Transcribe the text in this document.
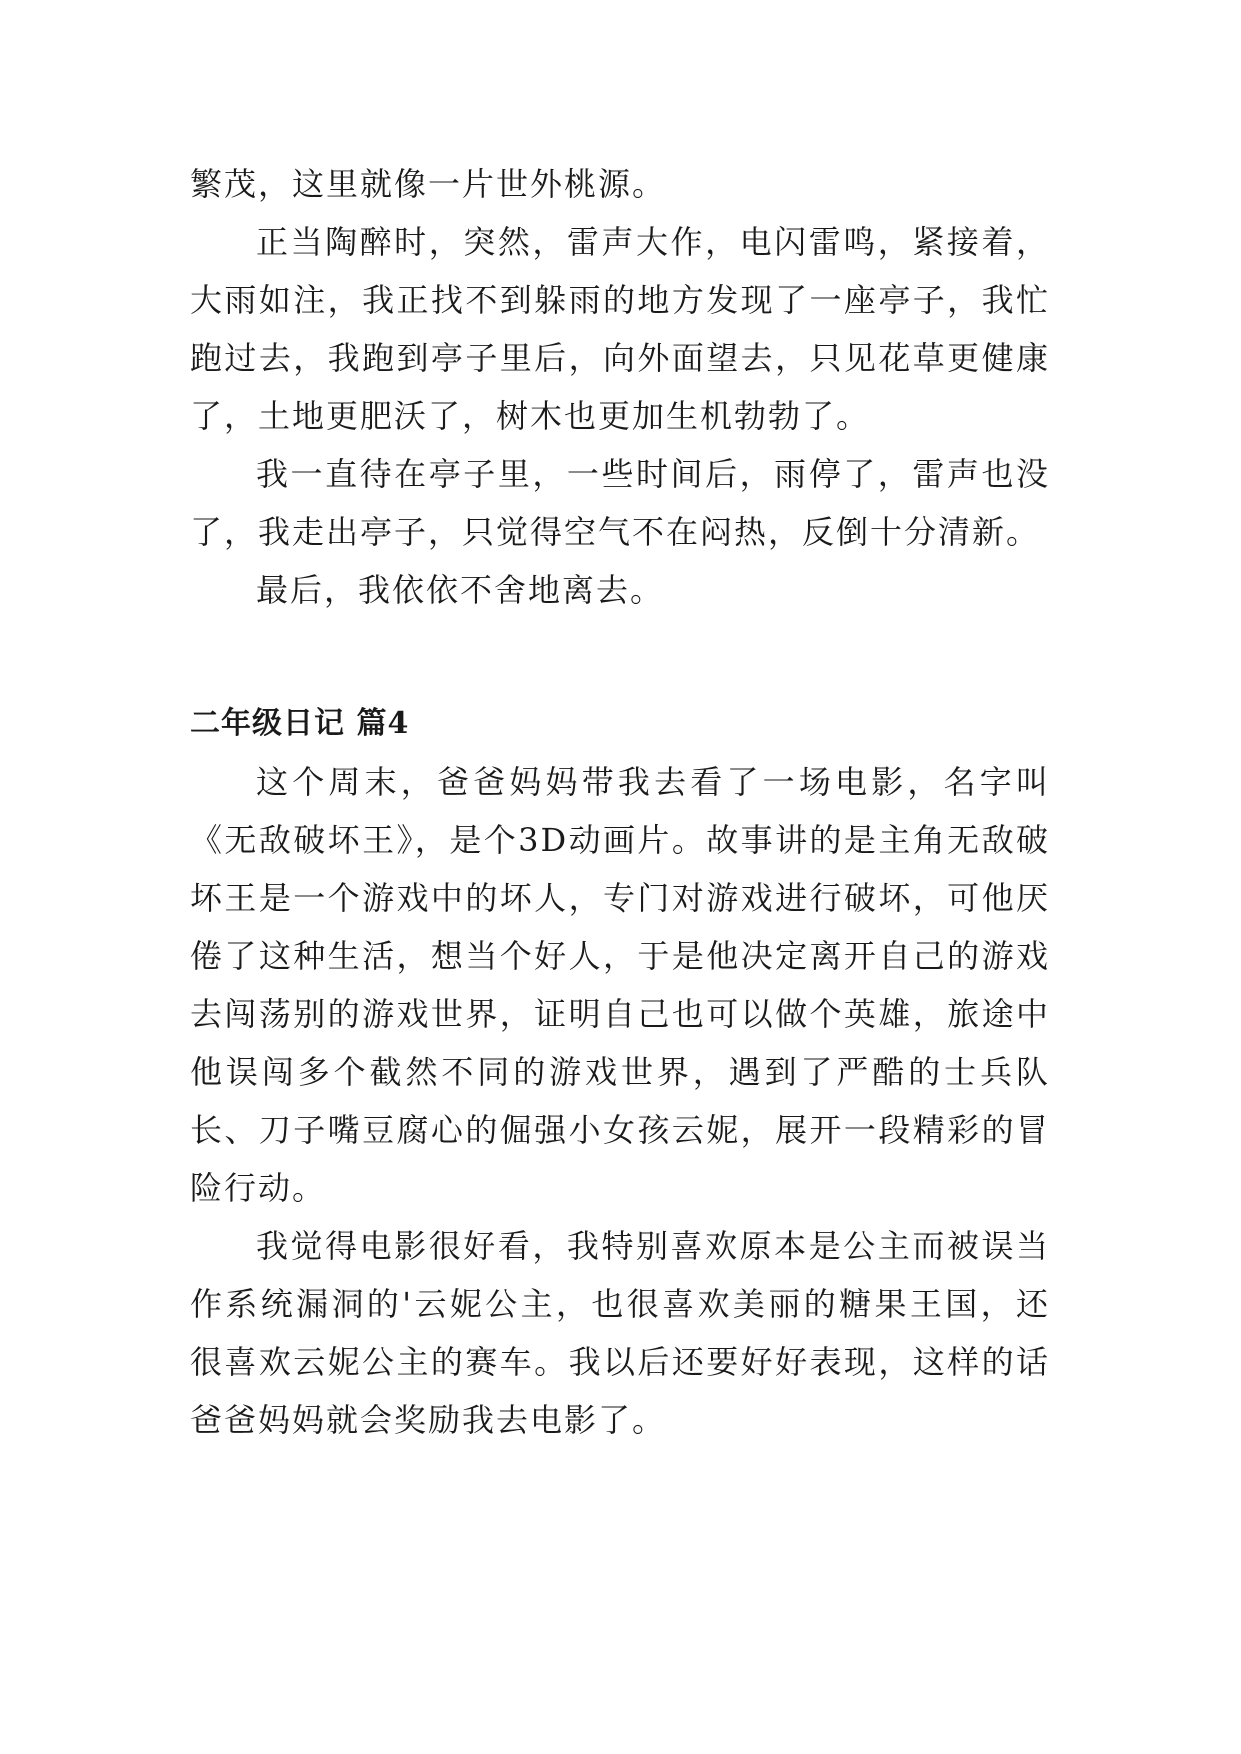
繁茂，这里就像一片世外桃源。

正当陶醉时，突然，雷声大作，电闪雷鸣，紧接着，大雨如注，我正找不到躲雨的地方发现了一座亭子，我忙跑过去，我跑到亭子里后，向外面望去，只见花草更健康了，土地更肥沃了，树木也更加生机勃勃了。

我一直待在亭子里，一些时间后，雨停了，雷声也没了，我走出亭子，只觉得空气不在闷热，反倒十分清新。

最后，我依依不舍地离去。

二年级日记 篇4

这个周末，爸爸妈妈带我去看了一场电影，名字叫《无敌破坏王》，是个3D动画片。故事讲的是主角无敌破坏王是一个游戏中的坏人，专门对游戏进行破坏，可他厌倦了这种生活，想当个好人，于是他决定离开自己的游戏去闯荡别的游戏世界，证明自己也可以做个英雄，旅途中他误闯多个截然不同的游戏世界，遇到了严酷的士兵队长、刀子嘴豆腐心的倔强小女孩云妮，展开一段精彩的冒险行动。

我觉得电影很好看，我特别喜欢原本是公主而被误当作系统漏洞的'云妮公主，也很喜欢美丽的糖果王国，还很喜欢云妮公主的赛车。我以后还要好好表现，这样的话爸爸妈妈就会奖励我去电影了。
